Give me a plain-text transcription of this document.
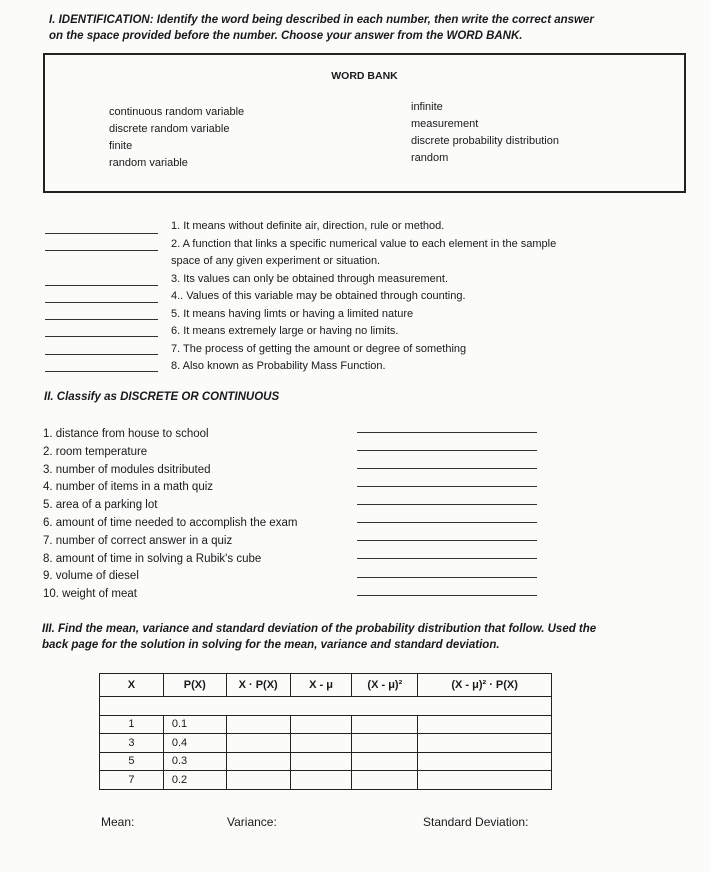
I. IDENTIFICATION: Identify the word being described in each number, then write the correct answer
on the space provided before the number. Choose your answer from the WORD BANK.
WORD BANK
continuous random variable
discrete random variable
finite
random variable
infinite
measurement
discrete probability distribution
random
1. It means without definite air, direction, rule or method.
2. A function that links a specific numerical value to each element in the sample
space of any given experiment or situation.
3. Its values can only be obtained through measurement.
4.. Values of this variable may be obtained through counting.
5. It means having limts or having a limited nature
6. It means extremely large or having no limits.
7. The process of getting the amount or degree of something
8. Also known as Probability Mass Function.
II. Classify as DISCRETE OR CONTINUOUS
1. distance from house to school
2. room temperature
3. number of modules dsitributed
4. number of items in a math quiz
5. area of a parking lot
6. amount of time needed to accomplish the exam
7. number of correct answer in a quiz
8. amount of time in solving a Rubik's cube
9. volume of diesel
10. weight of meat
III. Find the mean, variance and standard deviation of the probability distribution that follow. Used the
back page for the solution in solving for the mean, variance and standard deviation.
X	P(X)	X · P(X)	X - μ	(X - μ)²	(X - μ)² · P(X)

1	0.1				
3	0.4				
5	0.3				
7	0.2				
Mean:	Variance:	Standard Deviation:
